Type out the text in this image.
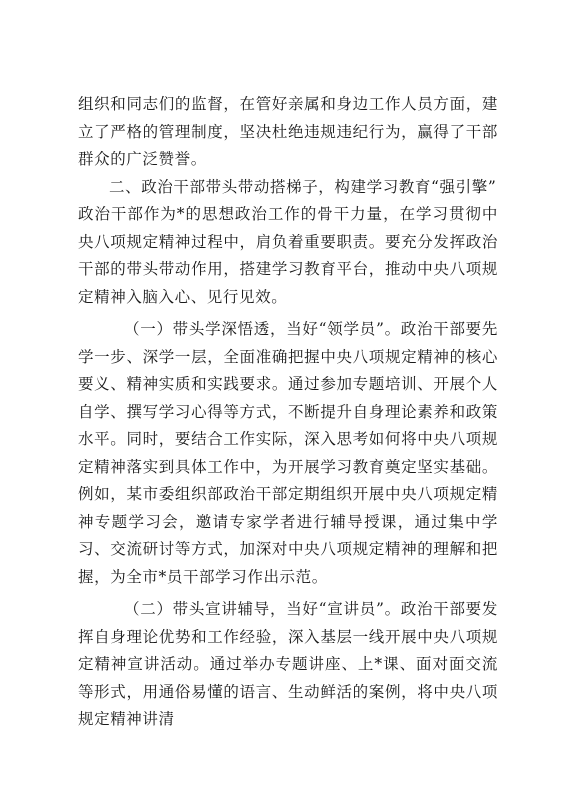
组织和同志们的监督，在管好亲属和身边工作人员方面，建立了严格的管理制度，坚决杜绝违规违纪行为，赢得了干部群众的广泛赞誉。

二、政治干部带头带动搭梯子，构建学习教育“强引擎”

政治干部作为*的思想政治工作的骨干力量，在学习贯彻中央八项规定精神过程中，肩负着重要职责。要充分发挥政治干部的带头带动作用，搭建学习教育平台，推动中央八项规定精神入脑入心、见行见效。

（一）带头学深悟透，当好“领学员”。政治干部要先学一步、深学一层，全面准确把握中央八项规定精神的核心要义、精神实质和实践要求。通过参加专题培训、开展个人自学、撰写学习心得等方式，不断提升自身理论素养和政策水平。同时，要结合工作实际，深入思考如何将中央八项规定精神落实到具体工作中，为开展学习教育奠定坚实基础。例如，某市委组织部政治干部定期组织开展中央八项规定精神专题学习会，邀请专家学者进行辅导授课，通过集中学习、交流研讨等方式，加深对中央八项规定精神的理解和把握，为全市*员干部学习作出示范。

（二）带头宣讲辅导，当好“宣讲员”。政治干部要发挥自身理论优势和工作经验，深入基层一线开展中央八项规定精神宣讲活动。通过举办专题讲座、上*课、面对面交流等形式，用通俗易懂的语言、生动鲜活的案例，将中央八项规定精神讲清
